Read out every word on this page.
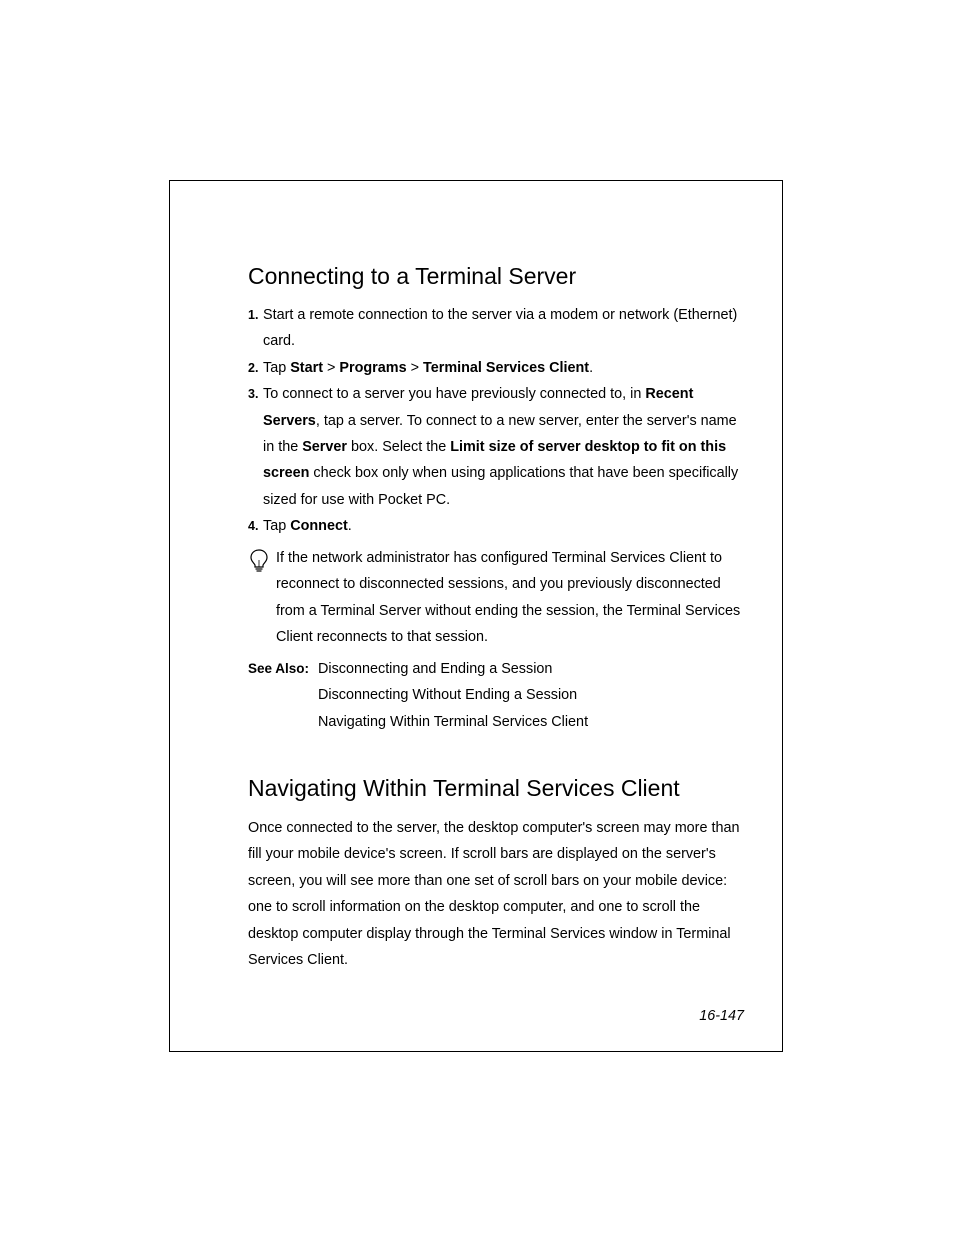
Connecting to a Terminal Server
1. Start a remote connection to the server via a modem or network (Ethernet) card.
2. Tap Start > Programs > Terminal Services Client.
3. To connect to a server you have previously connected to, in Recent Servers, tap a server. To connect to a new server, enter the server's name in the Server box. Select the Limit size of server desktop to fit on this screen check box only when using applications that have been specifically sized for use with Pocket PC.
4. Tap Connect.
If the network administrator has configured Terminal Services Client to reconnect to disconnected sessions, and you previously disconnected from a Terminal Server without ending the session, the Terminal Services Client reconnects to that session.
See Also: Disconnecting and Ending a Session
Disconnecting Without Ending a Session
Navigating Within Terminal Services Client
Navigating Within Terminal Services Client
Once connected to the server, the desktop computer's screen may more than fill your mobile device's screen. If scroll bars are displayed on the server's screen, you will see more than one set of scroll bars on your mobile device: one to scroll information on the desktop computer, and one to scroll the desktop computer display through the Terminal Services window in Terminal Services Client.
16-147
